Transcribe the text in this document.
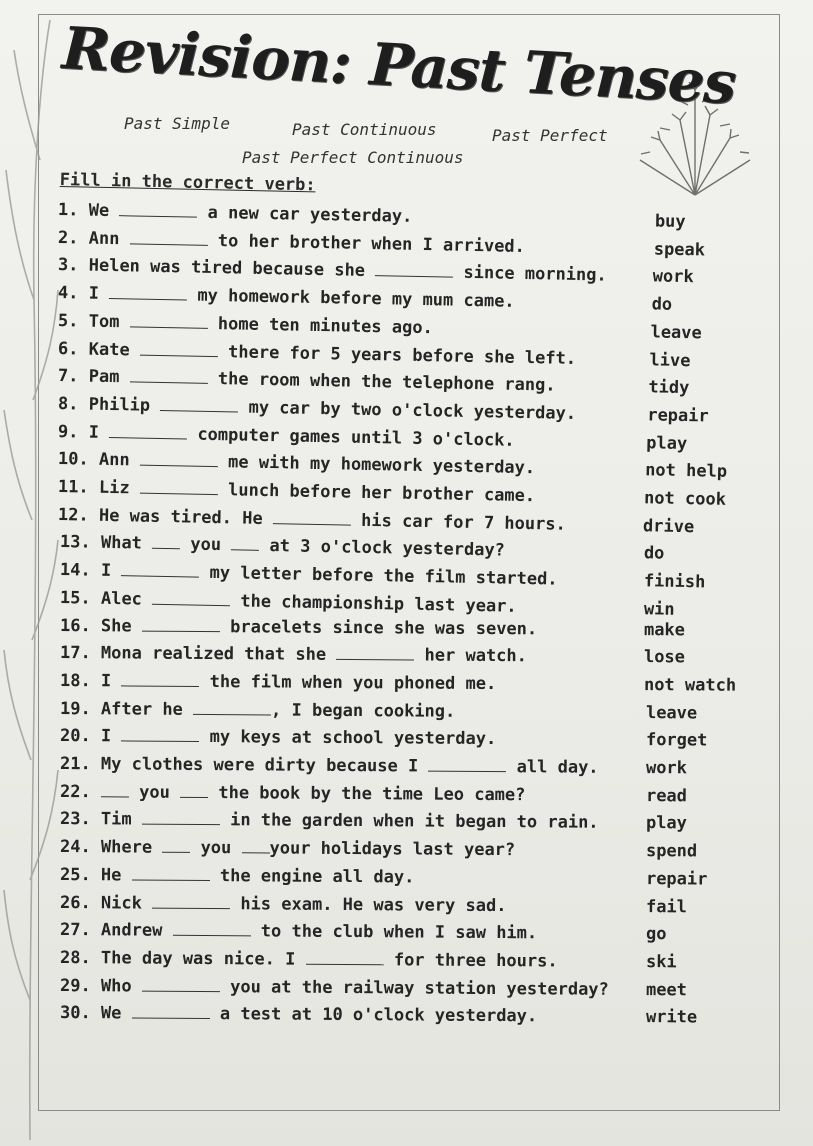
Revision: Past Tenses
Past Simple	Past Continuous	Past Perfect
Past Perfect Continuous
Fill in the correct verb:
1. We	a new car yesterday.	buy
2. Ann	to her brother when I arrived.	speak
3. Helen was tired because she	since morning.	work
4. I	my homework before my mum came.	do
5. Tom	home ten minutes ago.	leave
6. Kate	there for 5 years before she left.	live
7. Pam	the room when the telephone rang.	tidy
8. Philip	my car by two o'clock yesterday.	repair
9. I	computer games until 3 o'clock.	play
10. Ann	me with my homework yesterday.	not help
11. Liz	lunch before her brother came.	not cook
12. He was tired. He	his car for 7 hours.	drive
13. What  you  at 3 o'clock yesterday?	do
14. I	my letter before the film started.	finish
15. Alec	the championship last year.	win
16. She	bracelets since she was seven.	make
17. Mona realized that she	her watch.	lose
18. I	the film when you phoned me.	not watch
19. After he	, I began cooking.	leave
20. I	my keys at school yesterday.	forget
21. My clothes were dirty because I	all day.	work
22.  you  the book by the time Leo came?	read
23. Tim	in the garden when it began to rain.	play
24. Where  you your holidays last year?	spend
25. He	the engine all day.	repair
26. Nick	his exam. He was very sad.	fail
27. Andrew	to the club when I saw him.	go
28. The day was nice. I	for three hours.	ski
29. Who	you at the railway station yesterday? meet
30. We	a test at 10 o'clock yesterday.	write
